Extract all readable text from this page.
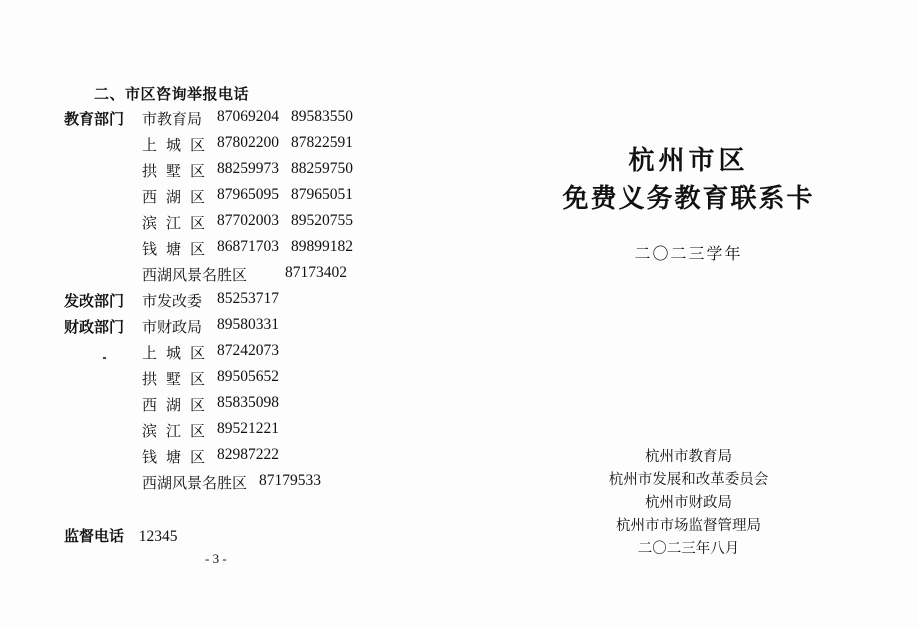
二、市区咨询举报电话
教育部门 市教育局 87069204 89583550
上城区 87802200 87822591
拱墅区 88259973 88259750
西湖区 87965095 87965051
滨江区 87702003 89520755
钱塘区 86871703 89899182
西湖风景名胜区 87173402
发改部门 市发改委 85253717
财政部门 市财政局 89580331
上城区 87242073
拱墅区 89505652
西湖区 85835098
滨江区 89521221
钱塘区 82987222
西湖风景名胜区 87179533
监督电话 12345
- 3 -
杭州市区
免费义务教育联系卡
二〇二三学年
杭州市教育局
杭州市发展和改革委员会
杭州市财政局
杭州市市场监督管理局
二〇二三年八月
